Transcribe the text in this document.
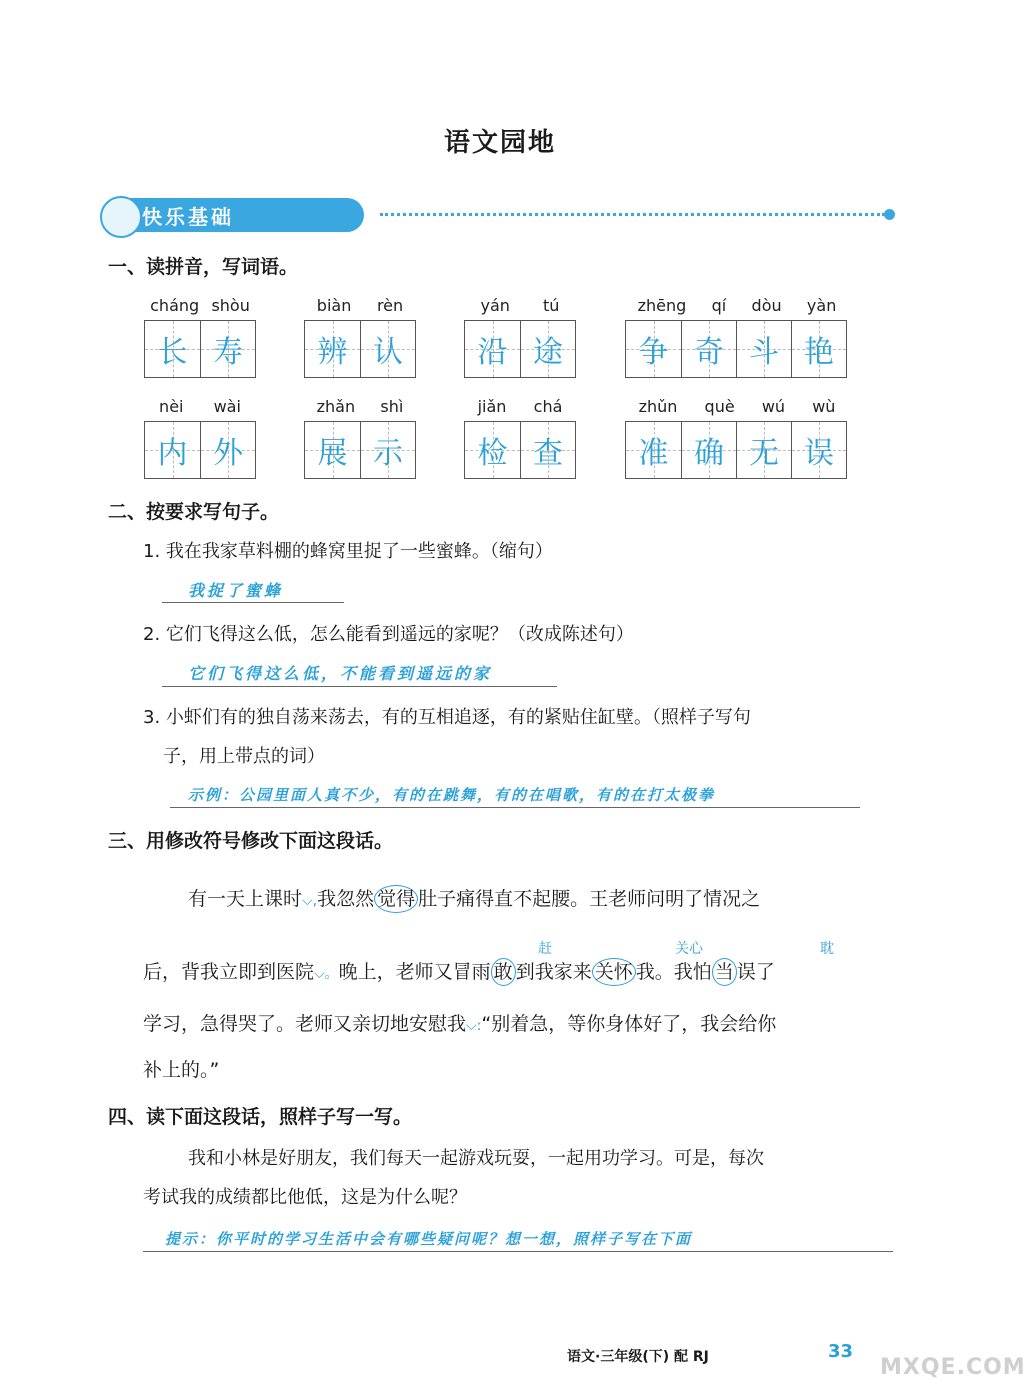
语文园地
快乐基础
一、读拼音，写词语。
cháng shòu
长 寿
biàn rèn
辨 认
yán tú
沿 途
zhēng qí dòu yàn
争 奇 斗 艳
nèi wài
内 外
zhǎn shì
展 示
jiǎn chá
检 查
zhǔn què wú wù
准 确 无 误
二、按要求写句子。
1. 我在我家草料棚的蜂窝里捉了一些蜜蜂。（缩句）
我捉了蜜蜂
2. 它们飞得这么低，怎么能看到遥远的家呢？（改成陈述句）
它们飞得这么低，不能看到遥远的家
3. 小虾们有的独自荡来荡去，有的互相追逐，有的紧贴住缸壁。（照样子写句
子，用上带点的词）
示例：公园里面人真不少，有的在跳舞，有的在唱歌，有的在打太极拳
三、用修改符号修改下面这段话。
有一天上课时⌵,我忽然 觉得 肚子痛得直不起腰。王老师问明了情况之
赶	关心	耽
后，背我立即到医院⌵。晚上，老师又冒雨 敢 到我家来 关怀 我。我怕 当 误了
学习，急得哭了。老师又亲切地安慰我⌵:“别着急，等你身体好了，我会给你
补上的。”
四、读下面这段话，照样子写一写。
我和小林是好朋友，我们每天一起游戏玩耍，一起用功学习。可是，每次
考试我的成绩都比他低，这是为什么呢？
提示：你平时的学习生活中会有哪些疑问呢？想一想，照样子写在下面
语文·三年级(下) 配 RJ	33
MXQE.COM
